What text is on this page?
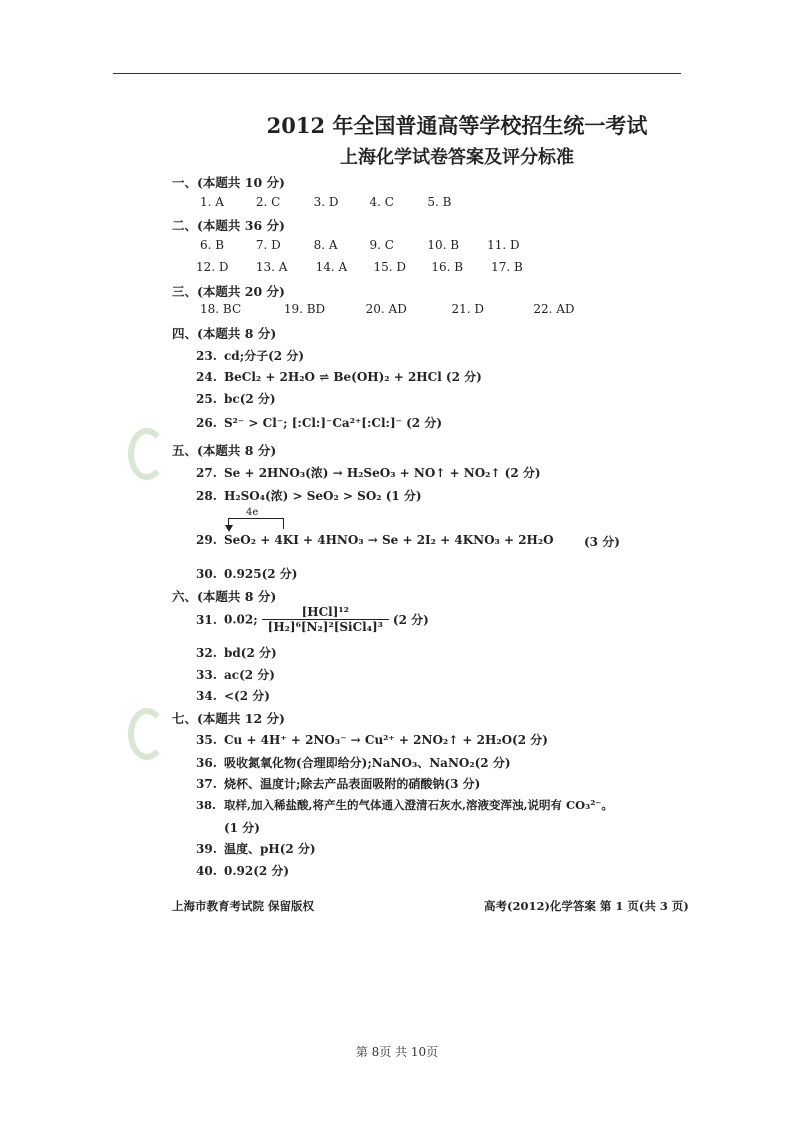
2012 年全国普通高等学校招生统一考试
上海化学试卷答案及评分标准
一、(本题共 10 分)
1. A	2. C	3. D	4. C	5. B
二、(本题共 36 分)
6. B	7. D	8. A	9. C	10. B 11. D
12. D 13. A 14. A 15. D 16. B 17. B
三、(本题共 20 分)
18. BC	19. BD	20. AD	21. D	22. AD
四、(本题共 8 分)
23. cd;分子(2 分)
24. BeCl₂ + 2H₂O ⇌ Be(OH)₂ + 2HCl (2 分)
25. bc(2 分)
26. S²⁻ > Cl⁻; [:Cl:]⁻Ca²⁺[:Cl:]⁻ (2 分)
五、(本题共 8 分)
27. Se + 2HNO₃(浓) → H₂SeO₃ + NO↑ + NO₂↑ (2 分)
28. H₂SO₄(浓) > SeO₂ > SO₂ (1 分)
4e
29. SeO₂ + 4KI + 4HNO₃ → Se + 2I₂ + 4KNO₃ + 2H₂O	(3 分)
30. 0.925(2 分)
六、(本题共 8 分)
31. 0.02; $\frac{\text{[HCl]¹²}}{\text{[H₂]⁶[N₂]²[SiCl₄]³}} (2$ 分)
32. bd(2 分)
33. ac(2 分)
34. <(2 分)
七、(本题共 12 分)
35. Cu + 4H⁺ + 2NO₃⁻ → Cu²⁺ + 2NO₂↑ + 2H₂O(2 分)
36. 吸收氮氧化物(合理即给分);NaNO₃、NaNO₂(2 分)
37. 烧杯、温度计;除去产品表面吸附的硝酸钠(3 分)
38. 取样,加入稀盐酸,将产生的气体通入澄清石灰水,溶液变浑浊,说明有 CO₃²⁻。
(1 分)
39. 温度、pH(2 分)
40. 0.92(2 分)
上海市教育考试院 保留版权	高考(2012)化学答案 第 1 页(共 3 页)
第 8页 共 10页
